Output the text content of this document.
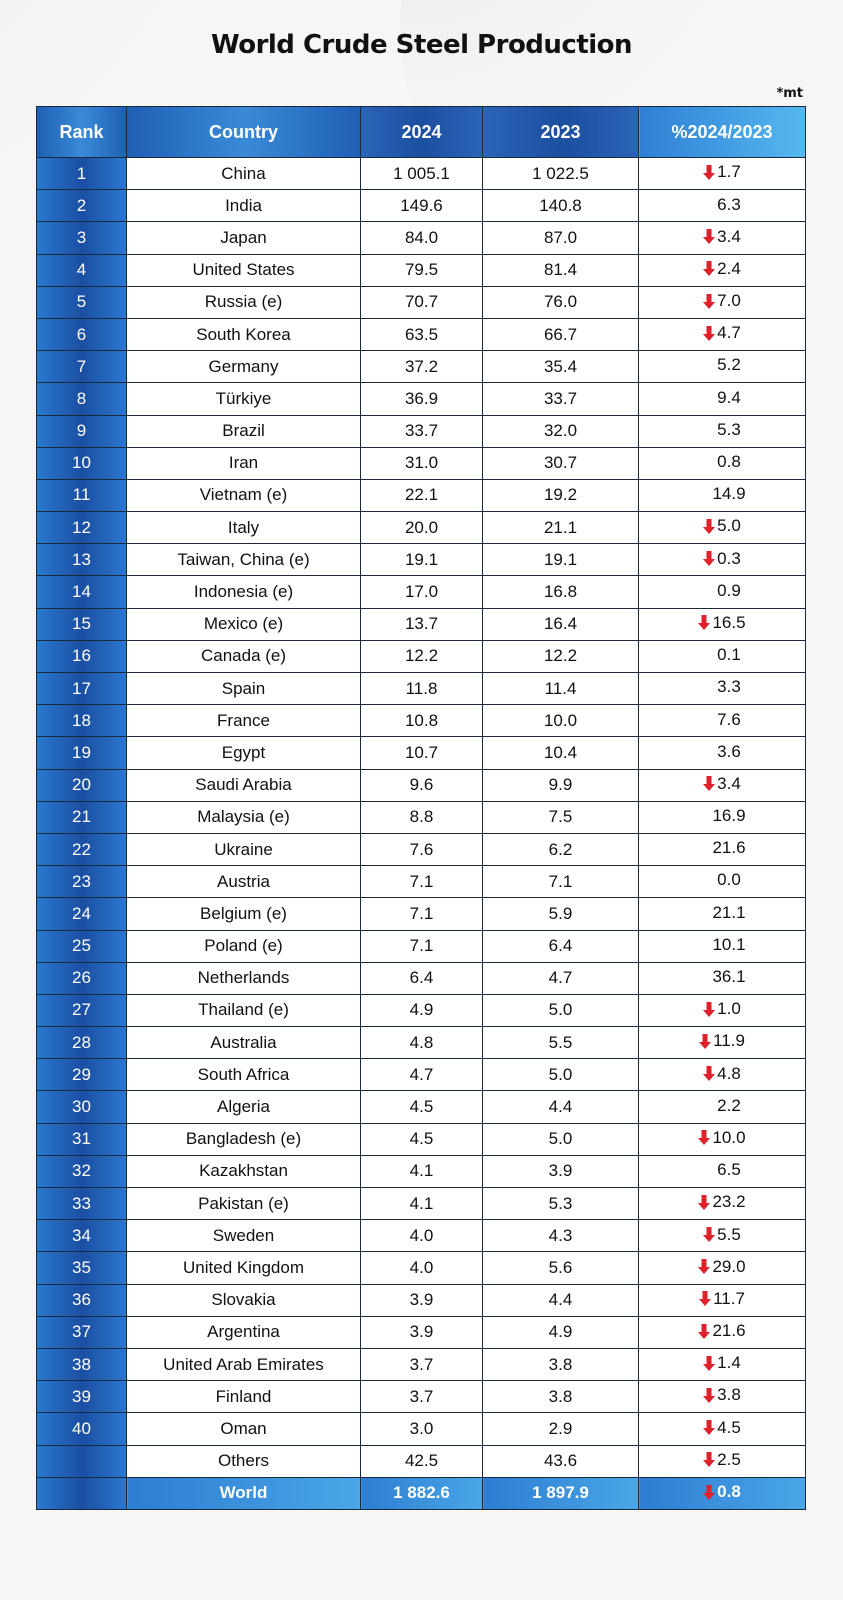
World Crude Steel Production
*mt
Rank	Country	2024	2023	%2024/2023
1	China	1 005.1	1 022.5	1.7

2	India	149.6	140.8	6.3

3	Japan	84.0	87.0	3.4

4	United States	79.5	81.4	2.4

5	Russia (e)	70.7	76.0	7.0

6	South Korea	63.5	66.7	4.7

7	Germany	37.2	35.4	5.2

8	Türkiye	36.9	33.7	9.4

9	Brazil	33.7	32.0	5.3

10	Iran	31.0	30.7	0.8

11	Vietnam (e)	22.1	19.2	14.9

12	Italy	20.0	21.1	5.0

13	Taiwan, China (e)	19.1	19.1	0.3

14	Indonesia (e)	17.0	16.8	0.9

15	Mexico (e)	13.7	16.4	16.5

16	Canada (e)	12.2	12.2	0.1

17	Spain	11.8	11.4	3.3

18	France	10.8	10.0	7.6

19	Egypt	10.7	10.4	3.6

20	Saudi Arabia	9.6	9.9	3.4

21	Malaysia (e)	8.8	7.5	16.9

22	Ukraine	7.6	6.2	21.6

23	Austria	7.1	7.1	0.0

24	Belgium (e)	7.1	5.9	21.1

25	Poland (e)	7.1	6.4	10.1

26	Netherlands	6.4	4.7	36.1

27	Thailand (e)	4.9	5.0	1.0

28	Australia	4.8	5.5	11.9

29	South Africa	4.7	5.0	4.8

30	Algeria	4.5	4.4	2.2

31	Bangladesh (e)	4.5	5.0	10.0

32	Kazakhstan	4.1	3.9	6.5

33	Pakistan (e)	4.1	5.3	23.2

34	Sweden	4.0	4.3	5.5

35	United Kingdom	4.0	5.6	29.0

36	Slovakia	3.9	4.4	11.7

37	Argentina	3.9	4.9	21.6

38	United Arab Emirates	3.7	3.8	1.4

39	Finland	3.7	3.8	3.8

40	Oman	3.0	2.9	4.5

	Others	42.5	43.6	2.5

	World	1 882.6	1 897.9	0.8
